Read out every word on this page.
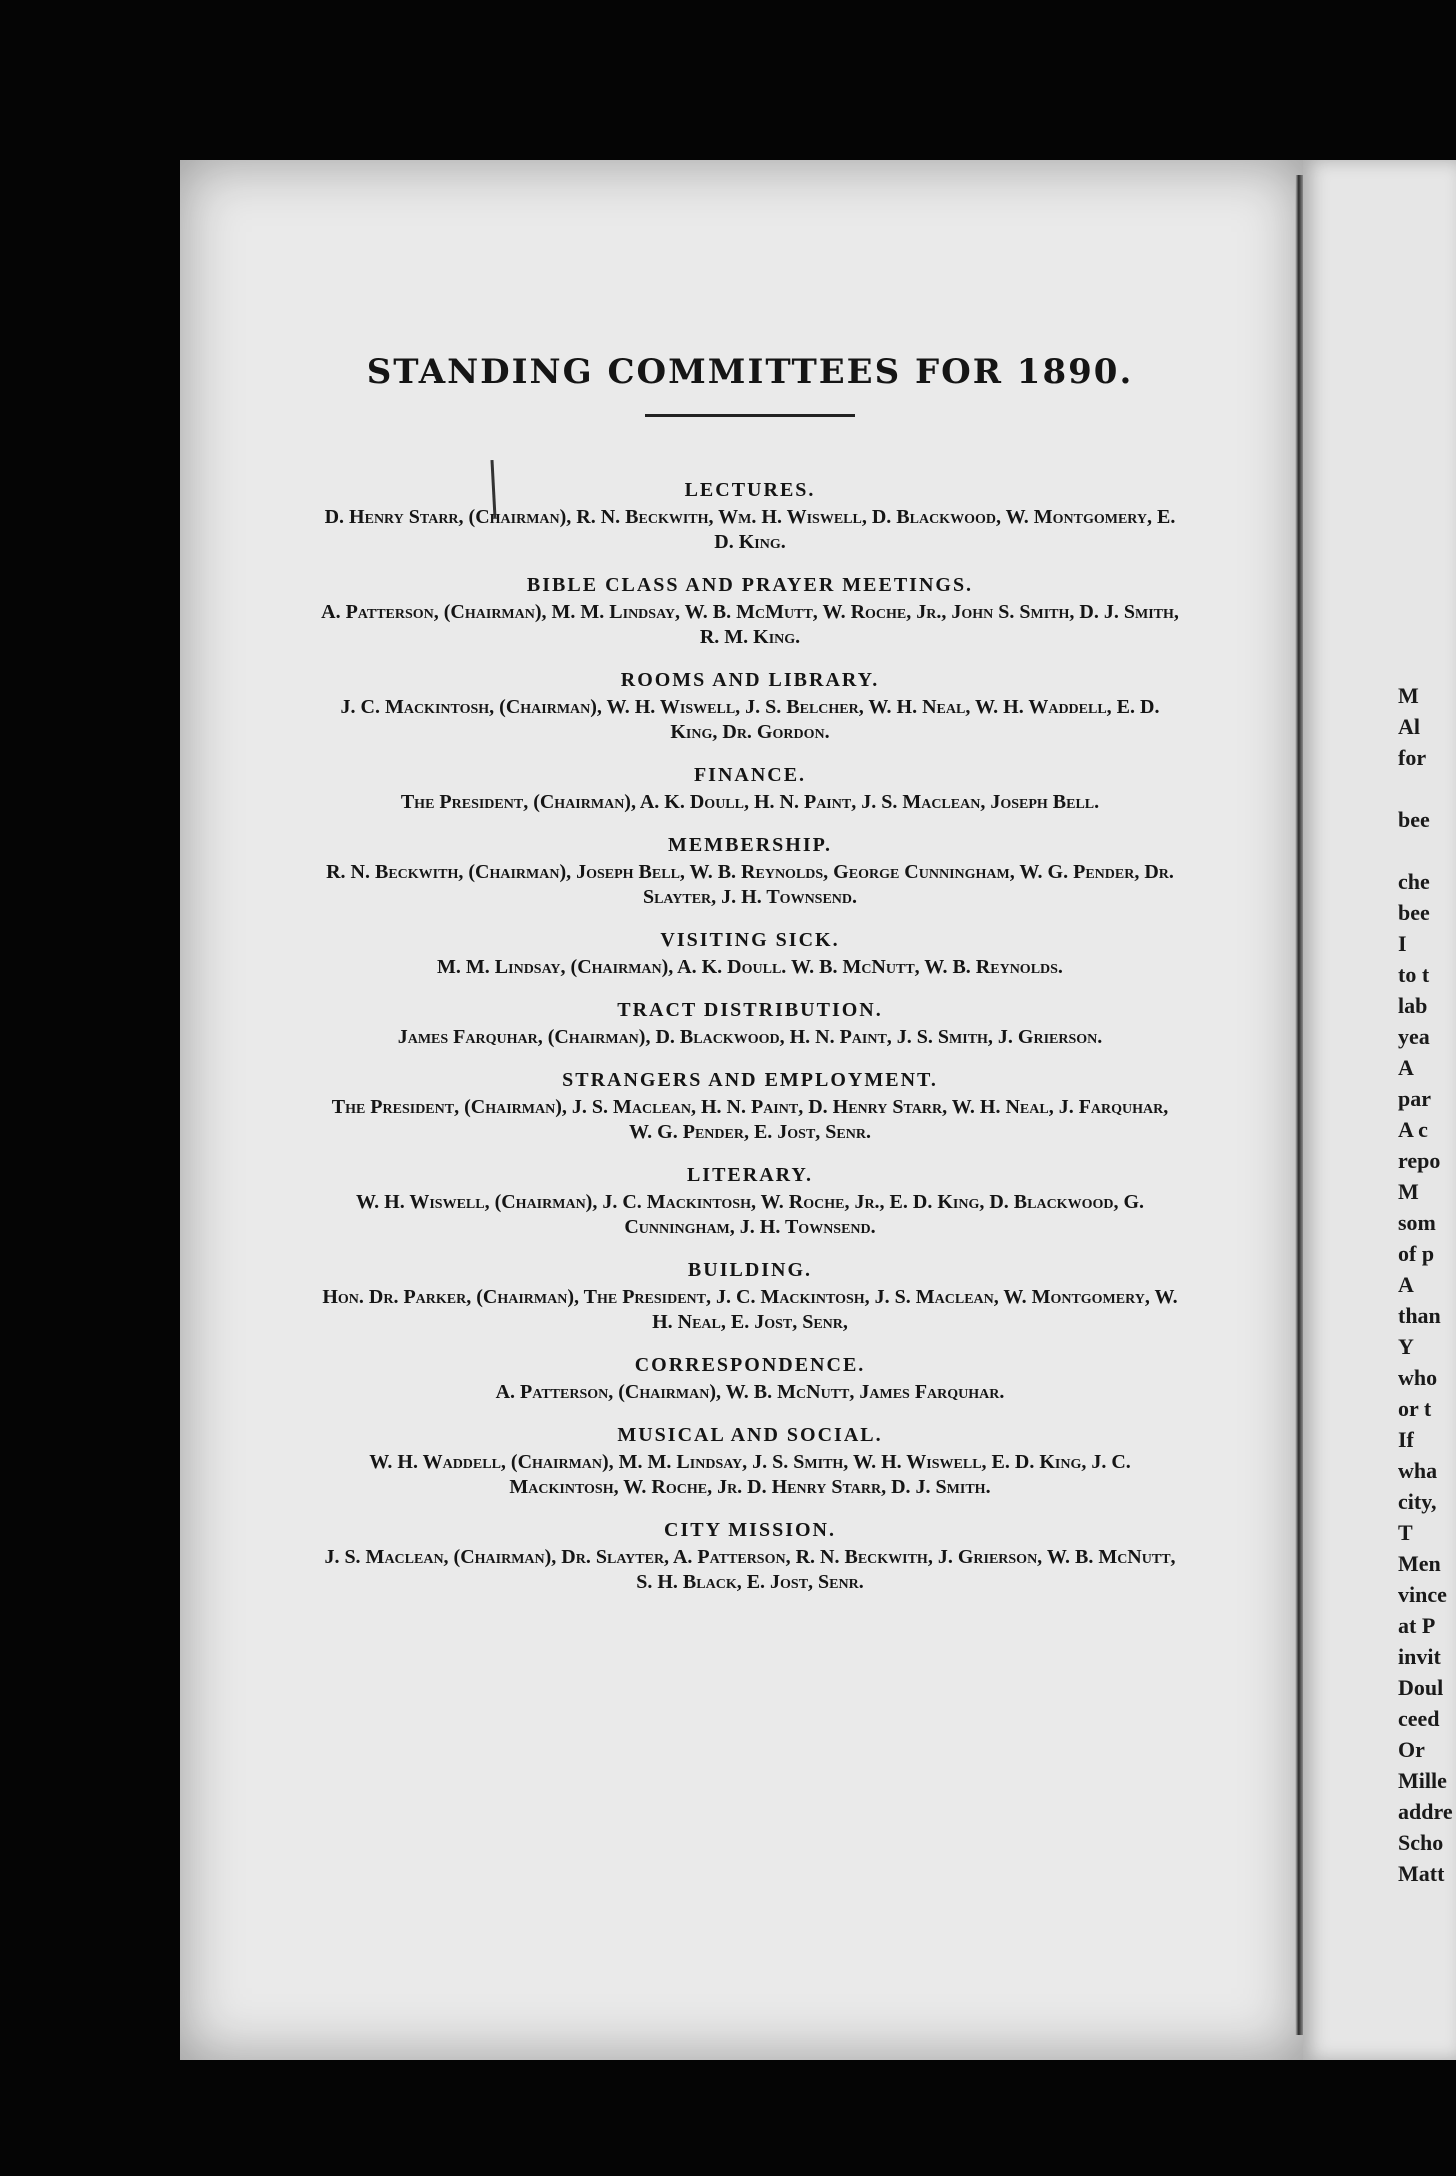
M
Al
for

bee

che
bee
I
to t
lab
yea
A
par
A c
repo
M
som
of p
A
than
Y
who
or t
If
wha
city,
T
Men
vince
at P
invit
Doul
ceed
Or
Mille
addre
Scho
Matt
STANDING COMMITTEES FOR 1890.

LECTURES.

D. Henry Starr, (Chairman), R. N. Beckwith, Wm. H. Wiswell, D. Blackwood, W. Montgomery, E. D. King.

BIBLE CLASS AND PRAYER MEETINGS.

A. Patterson, (Chairman), M. M. Lindsay, W. B. McMutt, W. Roche, Jr., John S. Smith, D. J. Smith, R. M. King.

ROOMS AND LIBRARY.

J. C. Mackintosh, (Chairman), W. H. Wiswell, J. S. Belcher, W. H. Neal, W. H. Waddell, E. D. King, Dr. Gordon.

FINANCE.

The President, (Chairman), A. K. Doull, H. N. Paint, J. S. Maclean, Joseph Bell.

MEMBERSHIP.

R. N. Beckwith, (Chairman), Joseph Bell, W. B. Reynolds, George Cunningham, W. G. Pender, Dr. Slayter, J. H. Townsend.

VISITING SICK.

M. M. Lindsay, (Chairman), A. K. Doull. W. B. McNutt, W. B. Reynolds.

TRACT DISTRIBUTION.

James Farquhar, (Chairman), D. Blackwood, H. N. Paint, J. S. Smith, J. Grierson.

STRANGERS AND EMPLOYMENT.

The President, (Chairman), J. S. Maclean, H. N. Paint, D. Henry Starr, W. H. Neal, J. Farquhar, W. G. Pender, E. Jost, Senr.

LITERARY.

W. H. Wiswell, (Chairman), J. C. Mackintosh, W. Roche, Jr., E. D. King, D. Blackwood, G. Cunningham, J. H. Townsend.

BUILDING.

Hon. Dr. Parker, (Chairman), The President, J. C. Mackintosh, J. S. Maclean, W. Montgomery, W. H. Neal, E. Jost, Senr,

CORRESPONDENCE.

A. Patterson, (Chairman), W. B. McNutt, James Farquhar.

MUSICAL AND SOCIAL.

W. H. Waddell, (Chairman), M. M. Lindsay, J. S. Smith, W. H. Wiswell, E. D. King, J. C. Mackintosh, W. Roche, Jr. D. Henry Starr, D. J. Smith.

CITY MISSION.

J. S. Maclean, (Chairman), Dr. Slayter, A. Patterson, R. N. Beckwith, J. Grierson, W. B. McNutt, S. H. Black, E. Jost, Senr.
